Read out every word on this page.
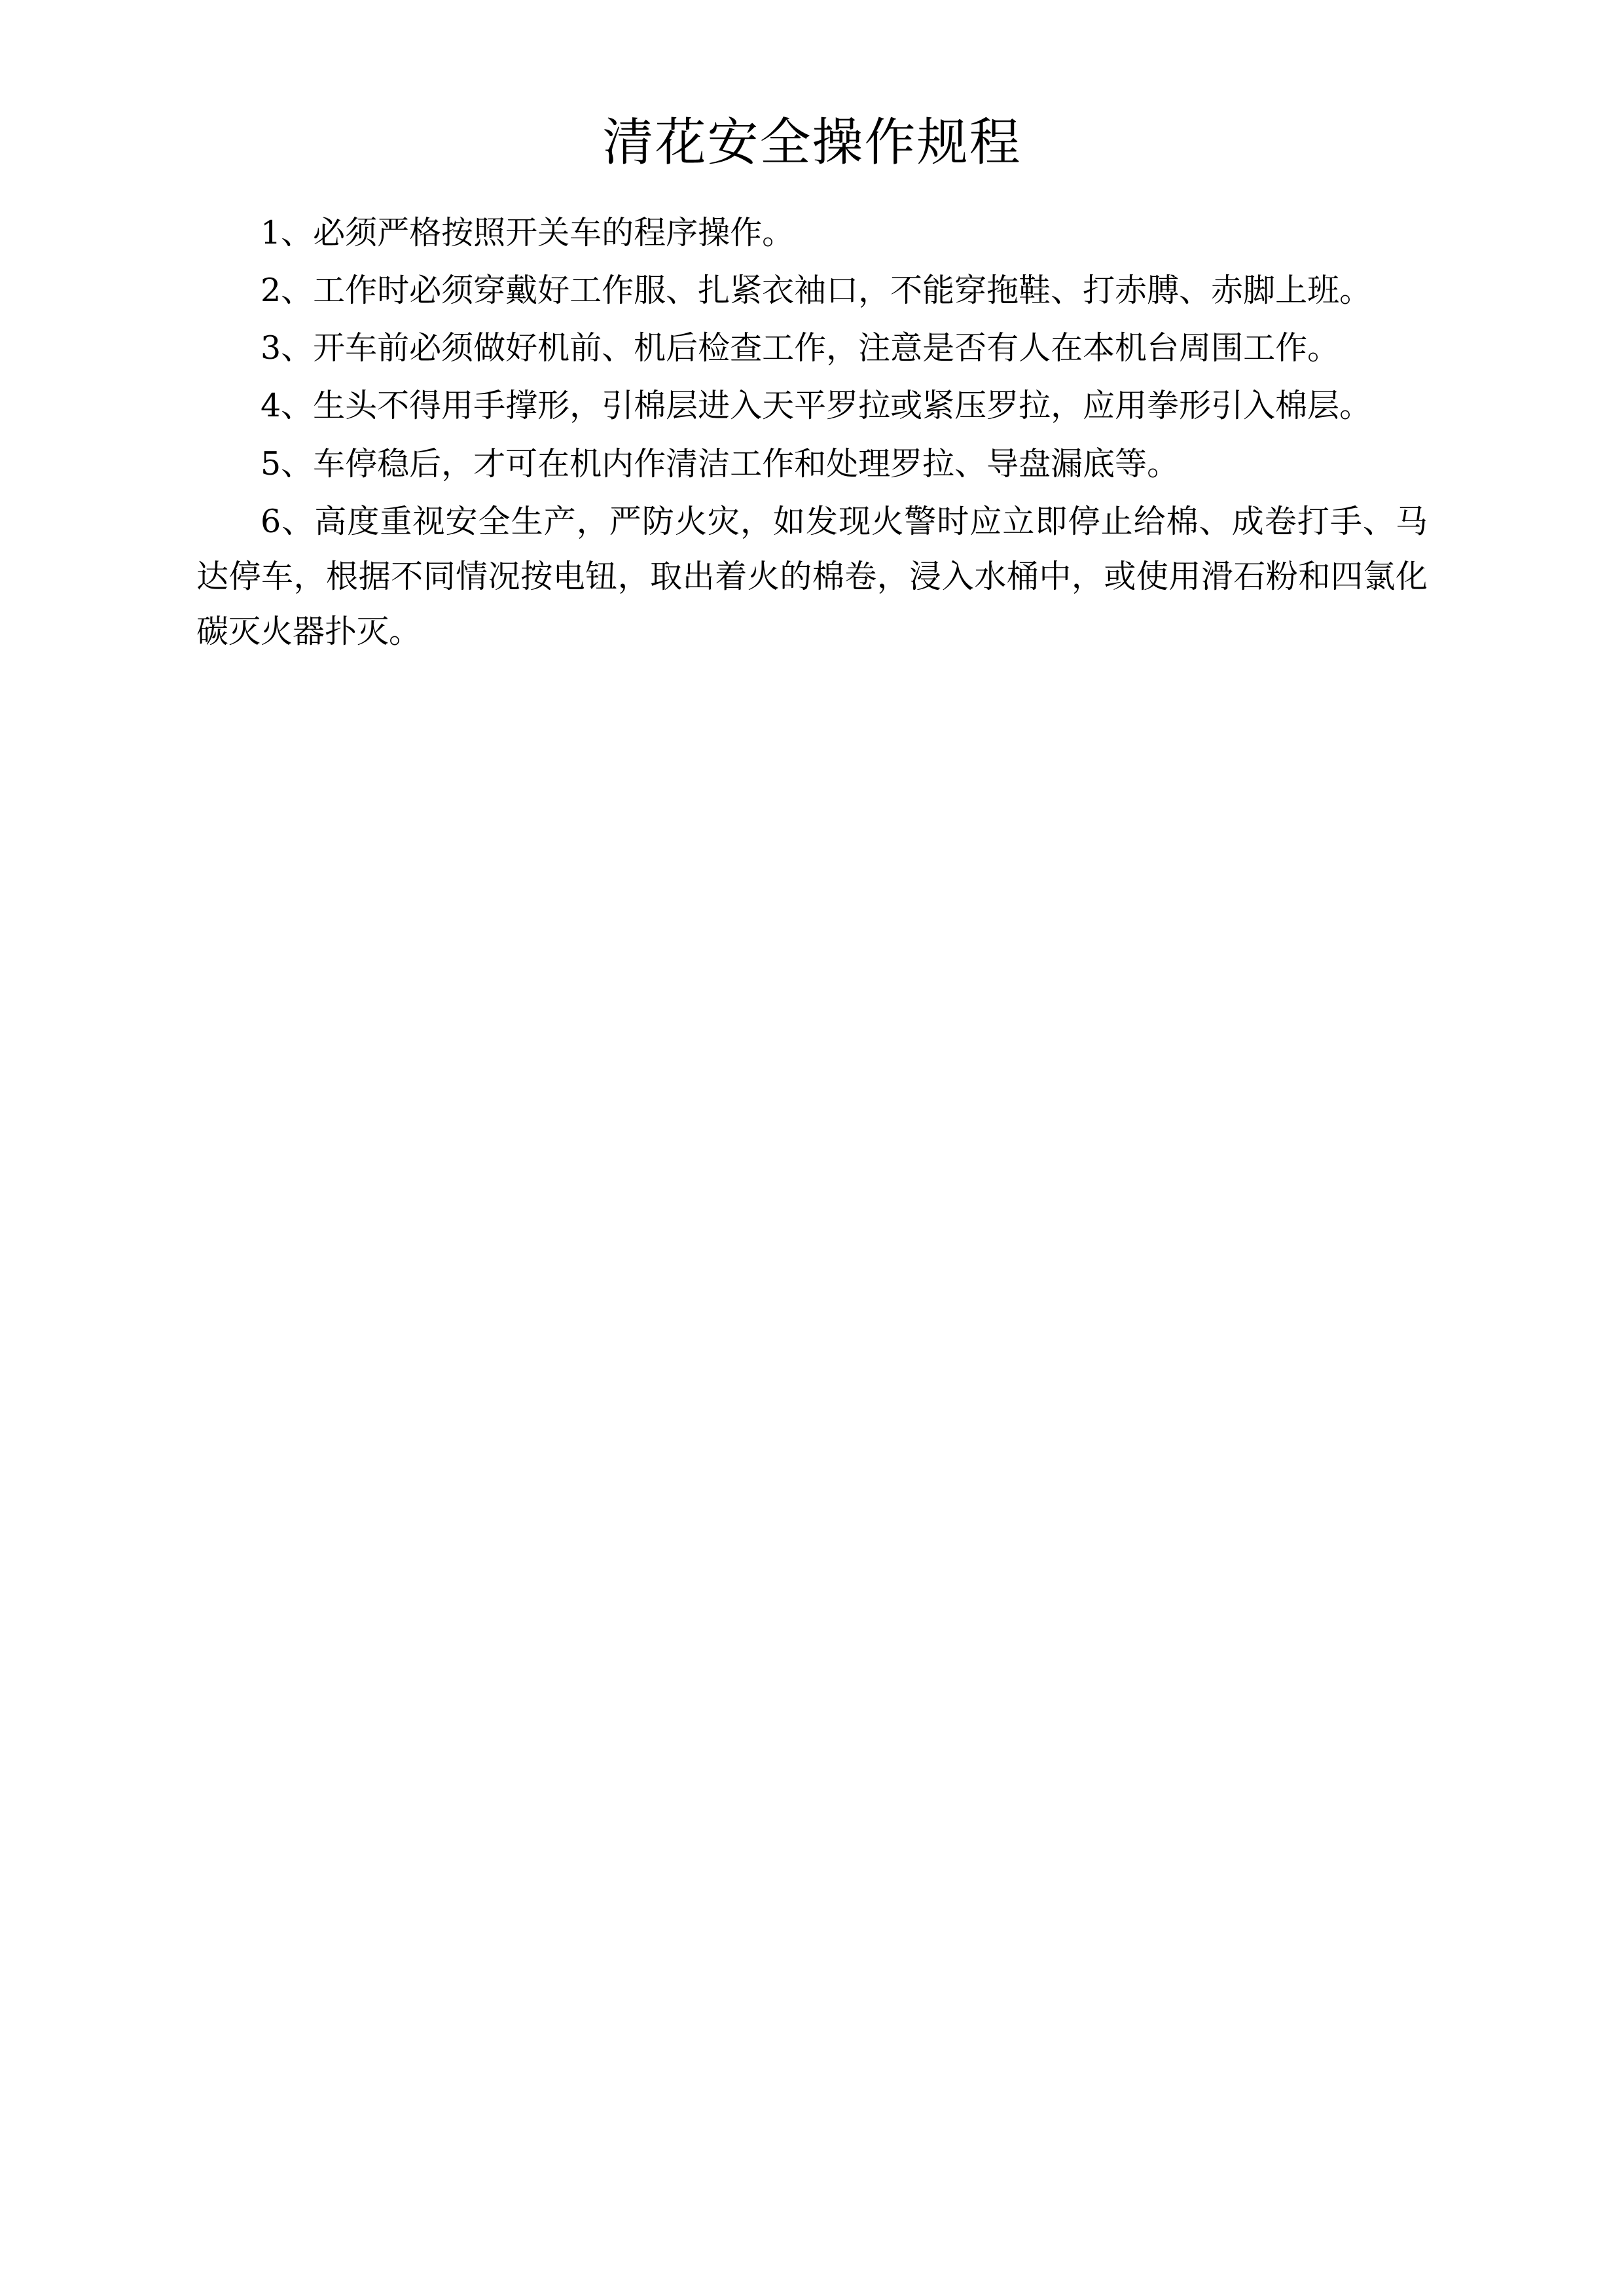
清花安全操作规程

1、必须严格按照开关车的程序操作。

2、工作时必须穿戴好工作服、扎紧衣袖口，不能穿拖鞋、打赤膊、赤脚上班。

3、开车前必须做好机前、机后检查工作，注意是否有人在本机台周围工作。

4、生头不得用手撑形，引棉层进入天平罗拉或紧压罗拉，应用拳形引入棉层。

5、车停稳后，才可在机内作清洁工作和处理罗拉、导盘漏底等。

6、高度重视安全生产，严防火灾，如发现火警时应立即停止给棉、成卷打手、马达停车，根据不同情况按电钮，取出着火的棉卷，浸入水桶中，或使用滑石粉和四氯化碳灭火器扑灭。
